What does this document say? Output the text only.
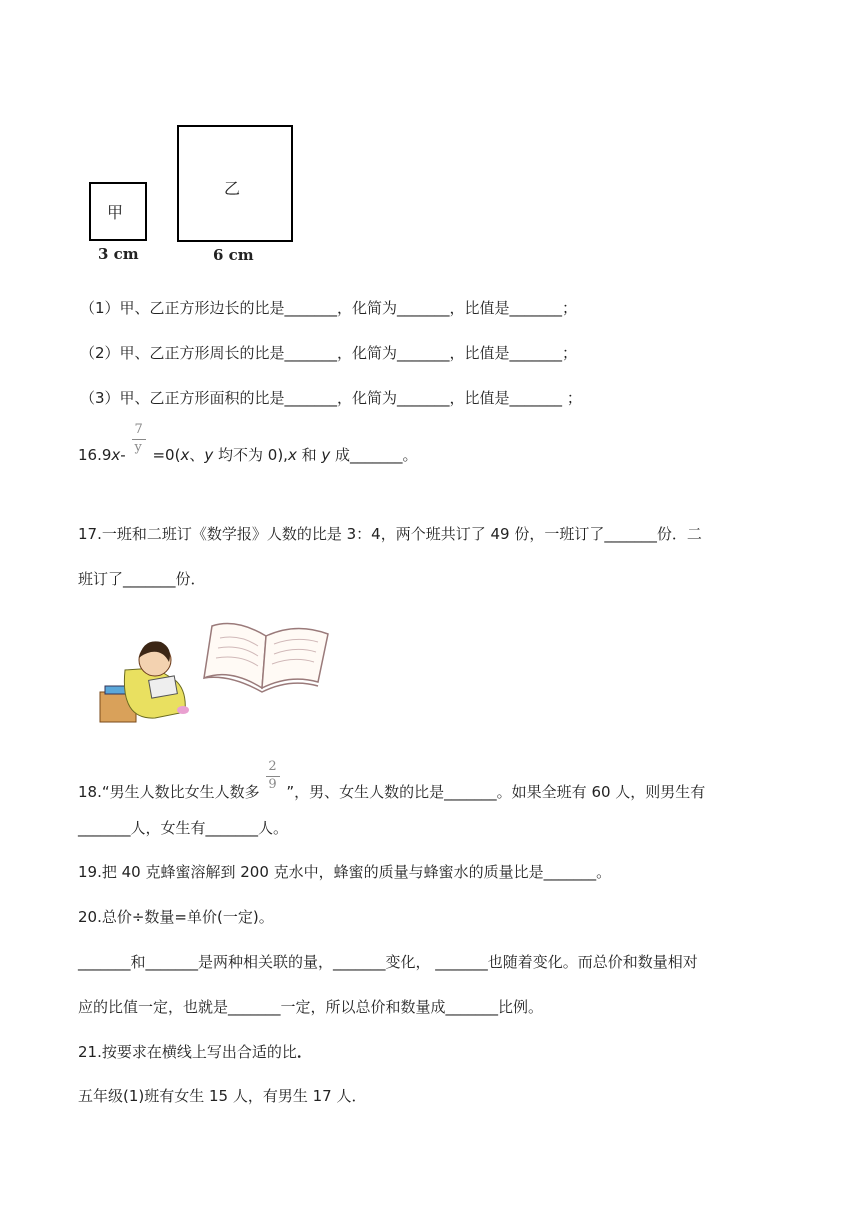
甲
乙
3 cm	6 cm
（1）甲、乙正方形边长的比是_______，化简为_______，比值是_______；
（2）甲、乙正方形周长的比是_______，化简为_______，比值是_______；
（3）甲、乙正方形面积的比是_______，化简为_______，比值是_______ ；
$16.9x- \frac{7}{y} =0(x$、y 均不为 0),x 和 y 成_______。
17.一班和二班订《数学报》人数的比是 3：4，两个班共订了 49 份，一班订了_______份．二
班订了_______份．
18.“男生人数比女生人数多 $\frac{2}{9}$ ”，男、女生人数的比是_______。如果全班有 60 人，则男生有
_______人，女生有_______人。
19.把 40 克蜂蜜溶解到 200 克水中，蜂蜜的质量与蜂蜜水的质量比是_______。
20.总价÷数量=单价(一定)。
_______和_______是两种相关联的量，_______变化， _______也随着变化。而总价和数量相对
应的比值一定，也就是_______一定，所以总价和数量成_______比例。
21.按要求在横线上写出合适的比．
五年级(1)班有女生 15 人，有男生 17 人．
